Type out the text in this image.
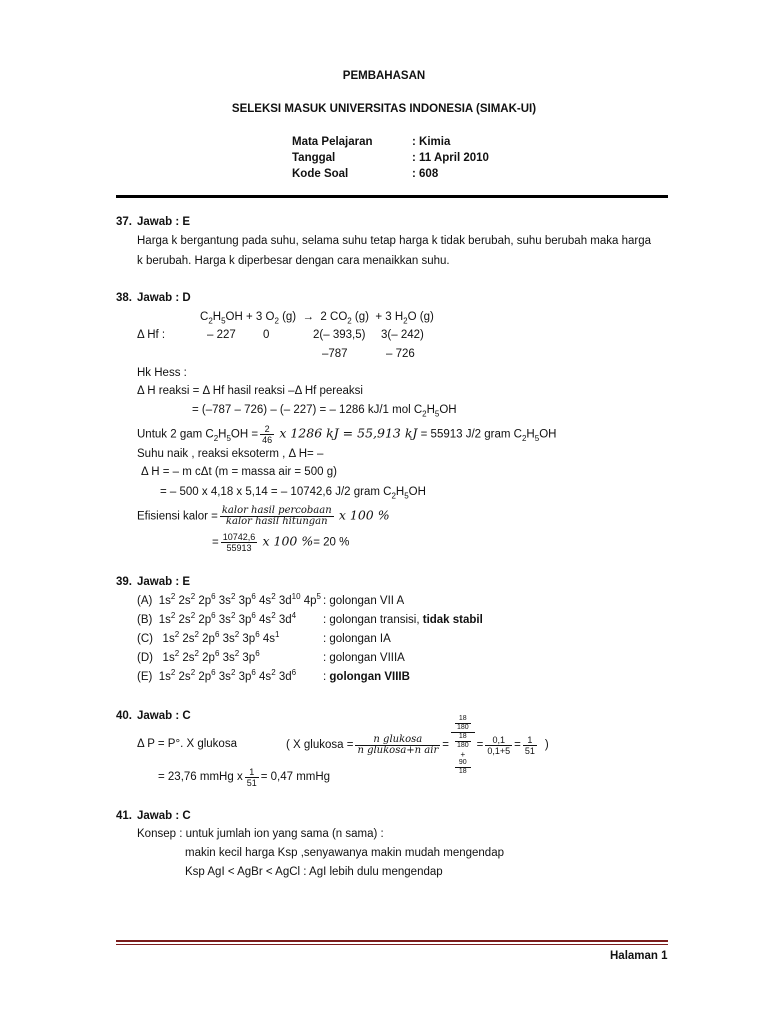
PEMBAHASAN
SELEKSI MASUK UNIVERSITAS INDONESIA (SIMAK-UI)
Mata Pelajaran	: Kimia
Tanggal	: 11 April 2010
Kode Soal	: 608
37. Jawab : E
Harga k bergantung pada suhu, selama suhu tetap harga k tidak berubah, suhu berubah maka harga
k berubah. Harga k diperbesar dengan cara menaikkan suhu.
38. Jawab : D
$C_2H_5OH + 3$ $O_2$ (g)  →  2 $CO_2$ (g)  + 3 $H_2O$ (g)
Δ Hf :	– 227 0	2(– 393,5) 3(– 242)
–787	– 726
Hk Hess :
Δ H reaksi = Δ Hf hasil reaksi –Δ Hf pereaksi
= (–787 – 726) – (– 227) = – 1286 kJ/1 mol $C_2H_5OH$
Untuk 2 gam $C_2H_5OH = \frac{2}{46}$ x 1286 kJ = 55,913 kJ = 55913 J/2 gram $C_2H_5OH$
Suhu naik , reaksi eksoterm , Δ H= –
Δ H = – m cΔt (m = massa air = 500 g)
= – 500 x 4,18 x 5,14 = – 10742,6 J/2 gram $C_2H_5OH$
Efisiensi kalor = $\frac{\text{kalor hasil percobaan}}{\text{kalor hasil hitungan}}$ x 100 %
= $\frac{10742,6}{55913}$ x 100 %= 20 %
39. Jawab : E
(A)  $1s^2$ $2s^2$ $2p^6$ $3s^2$ $3p^6$ $4s^2$ $3d^{10}$ $4p^5$ : golongan VII A
(B)  $1s^2$ $2s^2$ $2p^6$ $3s^2$ $3p^6$ $4s^2$ $3d^4$ : golongan transisi, tidak stabil
(C)   $1s^2$ $2s^2$ $2p^6$ $3s^2$ $3p^6$ $4s^1$	: golongan IA
(D)   $1s^2$ $2s^2$ $2p^6$ $3s^2$ $3p^6$	: golongan VIIIA
(E)  $1s^2$ $2s^2$ $2p^6$ $3s^2$ $3p^6$ $4s^2$ $3d^6$ : golongan VIIIB
40. Jawab : C
Δ P = P°. X glukosa	( X glukosa = $\frac{\text{n glukosa}}{\text{n glukosa+n air}} = 18$
180
18
180
+
90
$18 = \frac{0,1}{0,1+5} = \frac{1}{51}$ )
= 23,76 mmHg x $\frac{1}{51} = 0,47$ mmHg
41. Jawab : C
Konsep : untuk jumlah ion yang sama (n sama) :
makin kecil harga Ksp ,senyawanya makin mudah mengendap
Ksp AgI < AgBr < AgCl : AgI lebih dulu mengendap
Halaman 1
